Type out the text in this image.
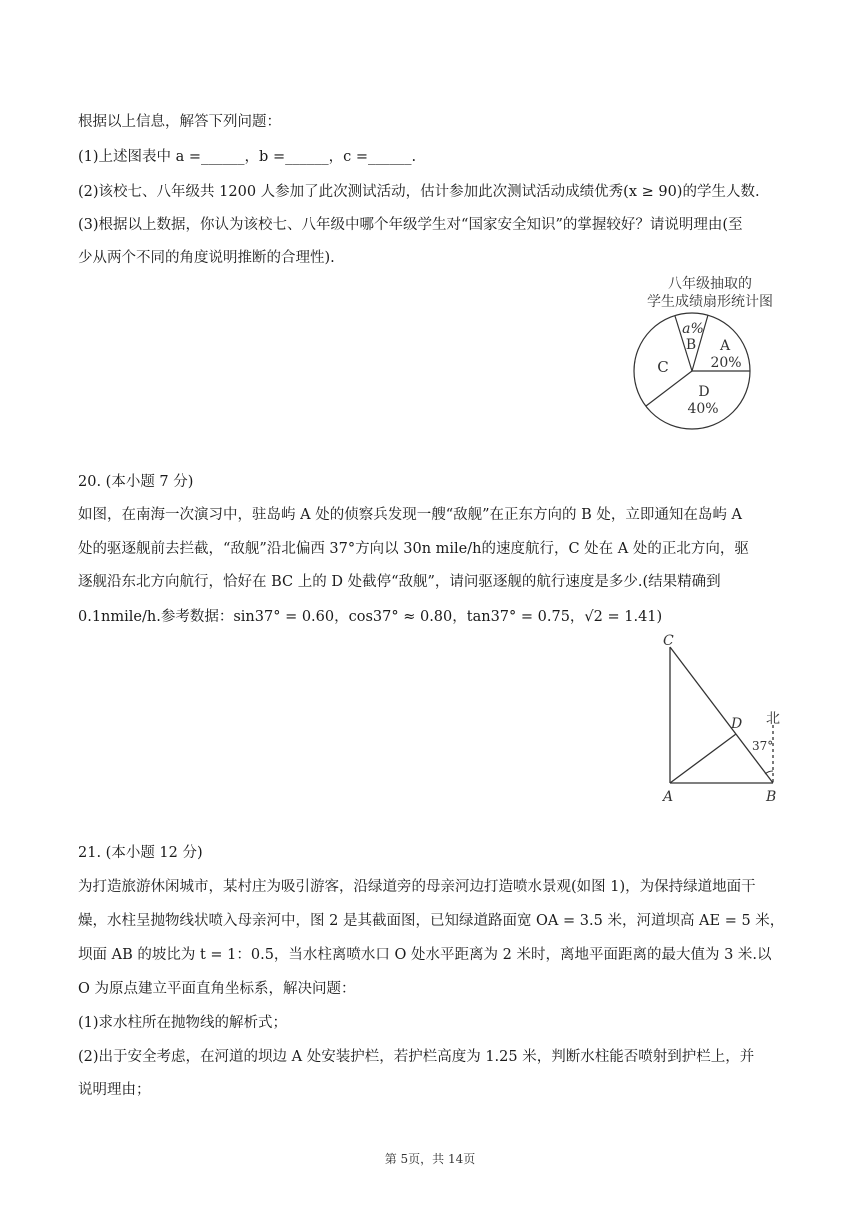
根据以上信息，解答下列问题：
(1)上述图表中 a =______，b =______，c =______.
(2)该校七、八年级共 1200 人参加了此次测试活动，估计参加此次测试活动成绩优秀(x ≥ 90)的学生人数.
(3)根据以上数据，你认为该校七、八年级中哪个年级学生对“国家安全知识”的掌握较好？请说明理由(至
少从两个不同的角度说明推断的合理性).
八年级抽取的
学生成绩扇形统计图
a%
B A
20%
C
D
40%
20. (本小题 7 分)
如图，在南海一次演习中，驻岛屿 A 处的侦察兵发现一艘“敌舰”在正东方向的 B 处，立即通知在岛屿 A
处的驱逐舰前去拦截，“敌舰”沿北偏西 37°方向以 30n mile/h的速度航行，C 处在 A 处的正北方向，驱
逐舰沿东北方向航行，恰好在 BC 上的 D 处截停“敌舰”，请问驱逐舰的航行速度是多少.(结果精确到
0.1nmile/h.参考数据：sin37° = 0.60，cos37° ≈ 0.80，tan37° = 0.75，√2 = 1.41)
C
D 北
37°
A	B
21. (本小题 12 分)
为打造旅游休闲城市，某村庄为吸引游客，沿绿道旁的母亲河边打造喷水景观(如图 1)，为保持绿道地面干
燥，水柱呈抛物线状喷入母亲河中，图 2 是其截面图，已知绿道路面宽 OA = 3.5 米，河道坝高 AE = 5 米，
坝面 AB 的坡比为 t = 1：0.5，当水柱离喷水口 O 处水平距离为 2 米时，离地平面距离的最大值为 3 米.以
O 为原点建立平面直角坐标系，解决问题：
(1)求水柱所在抛物线的解析式；
(2)出于安全考虑，在河道的坝边 A 处安装护栏，若护栏高度为 1.25 米，判断水柱能否喷射到护栏上，并
说明理由；
第 5页，共 14页
